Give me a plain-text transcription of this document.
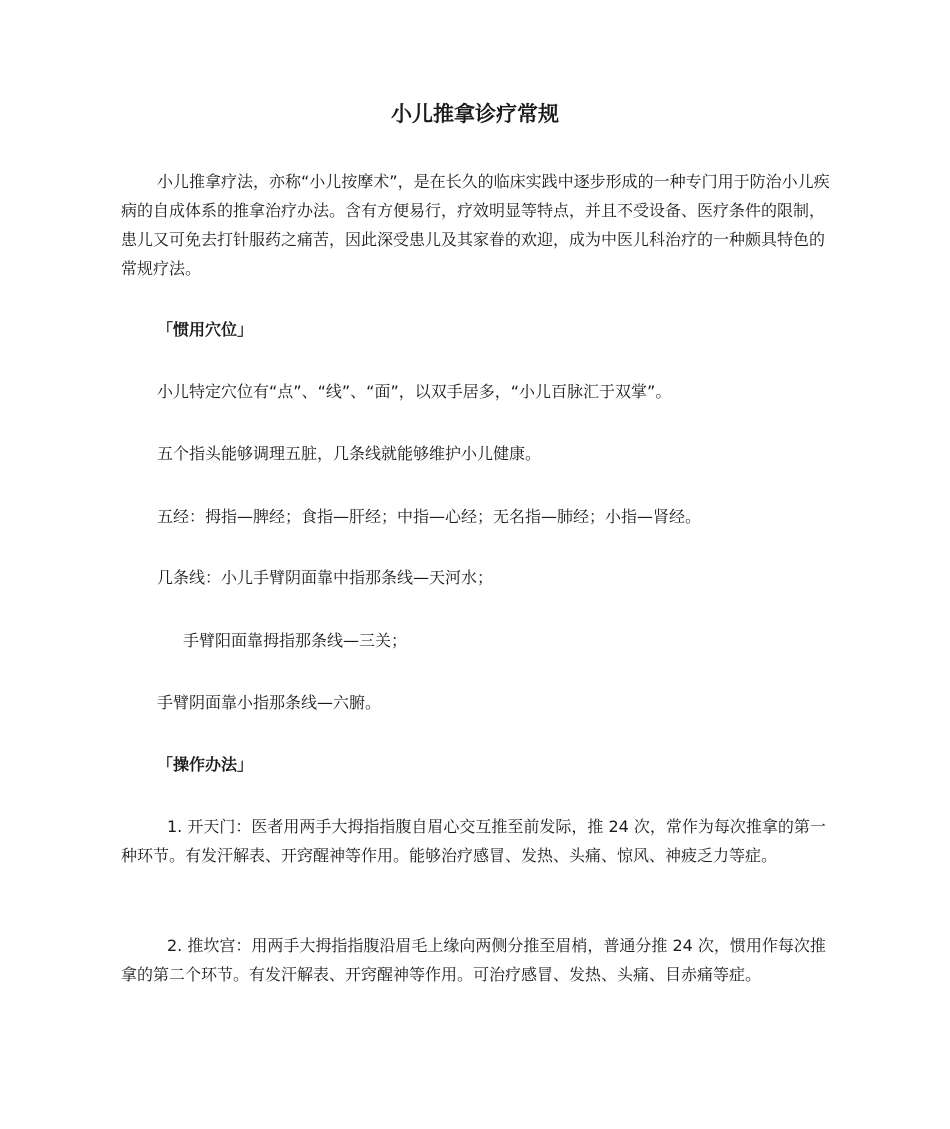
小儿推拿诊疗常规

小儿推拿疗法，亦称“小儿按摩术”，是在长久的临床实践中逐步形成的一种专门用于防治小儿疾病的自成体系的推拿治疗办法。含有方便易行，疗效明显等特点，并且不受设备、医疗条件的限制，患儿又可免去打针服药之痛苦，因此深受患儿及其家眷的欢迎，成为中医儿科治疗的一种颇具特色的常规疗法。

「惯用穴位」

小儿特定穴位有“点”、“线”、“面”，以双手居多，“小儿百脉汇于双掌”。

五个指头能够调理五脏，几条线就能够维护小儿健康。

五经：拇指—脾经；食指—肝经；中指—心经；无名指—肺经；小指—肾经。

几条线：小儿手臂阴面靠中指那条线—天河水；

手臂阳面靠拇指那条线—三关；

手臂阴面靠小指那条线—六腑。

「操作办法」

1. 开天门：医者用两手大拇指指腹自眉心交互推至前发际，推 24 次，常作为每次推拿的第一种环节。有发汗解表、开窍醒神等作用。能够治疗感冒、发热、头痛、惊风、神疲乏力等症。

2. 推坎宫：用两手大拇指指腹沿眉毛上缘向两侧分推至眉梢，普通分推 24 次，惯用作每次推拿的第二个环节。有发汗解表、开窍醒神等作用。可治疗感冒、发热、头痛、目赤痛等症。
